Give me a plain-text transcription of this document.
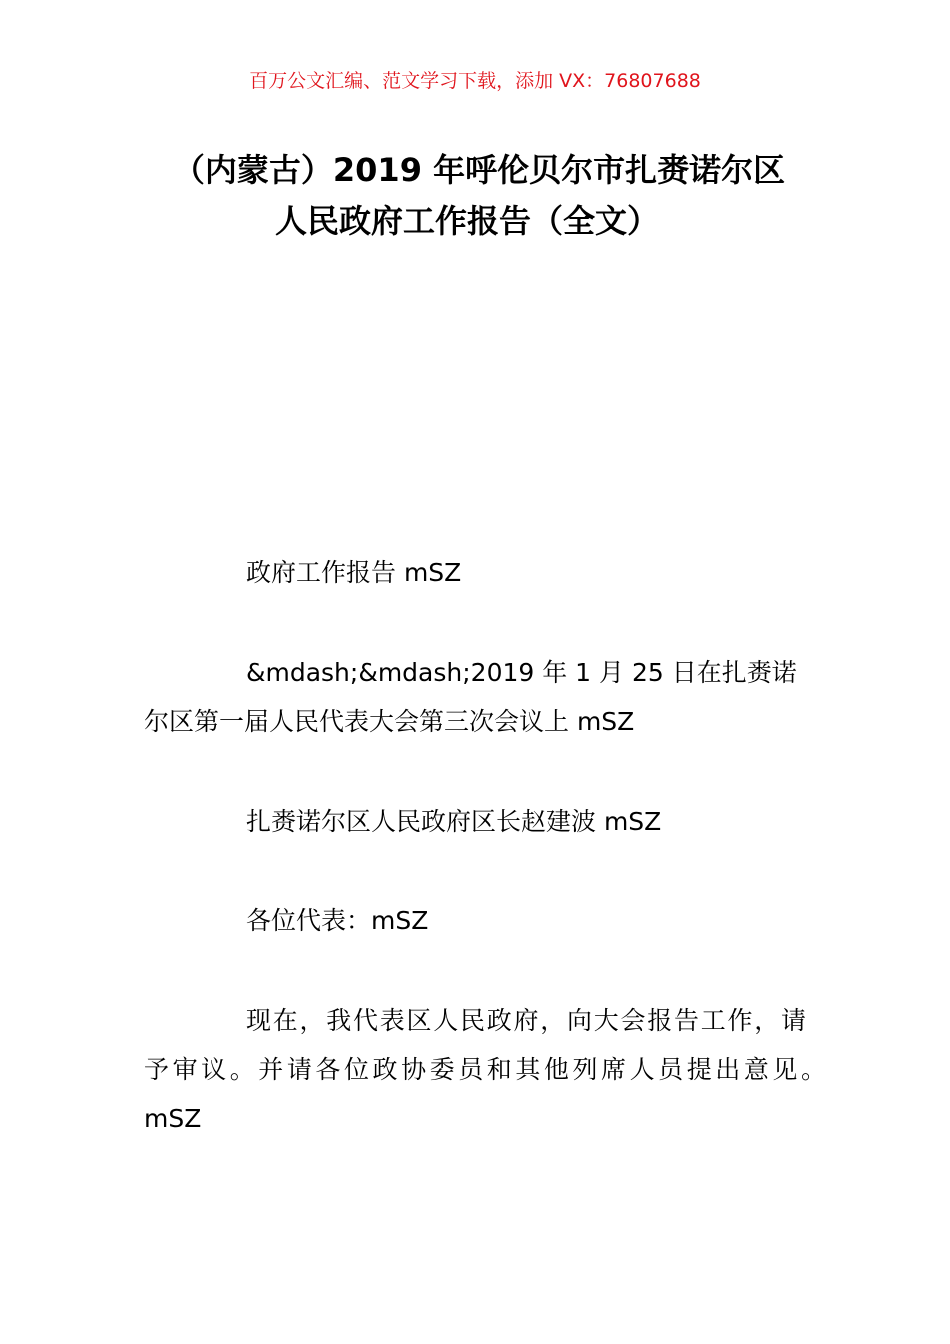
百万公文汇编、范文学习下载，添加 VX：76807688
（内蒙古）2019 年呼伦贝尔市扎赉诺尔区
人民政府工作报告（全文）
政府工作报告 mSZ
&mdash;&mdash;2019 年 1 月 25 日在扎赉诺
尔区第一届人民代表大会第三次会议上 mSZ
扎赉诺尔区人民政府区长赵建波 mSZ
各位代表：mSZ
现在，我代表区人民政府，向大会报告工作，请
予审议。并请各位政协委员和其他列席人员提出意见。
mSZ
